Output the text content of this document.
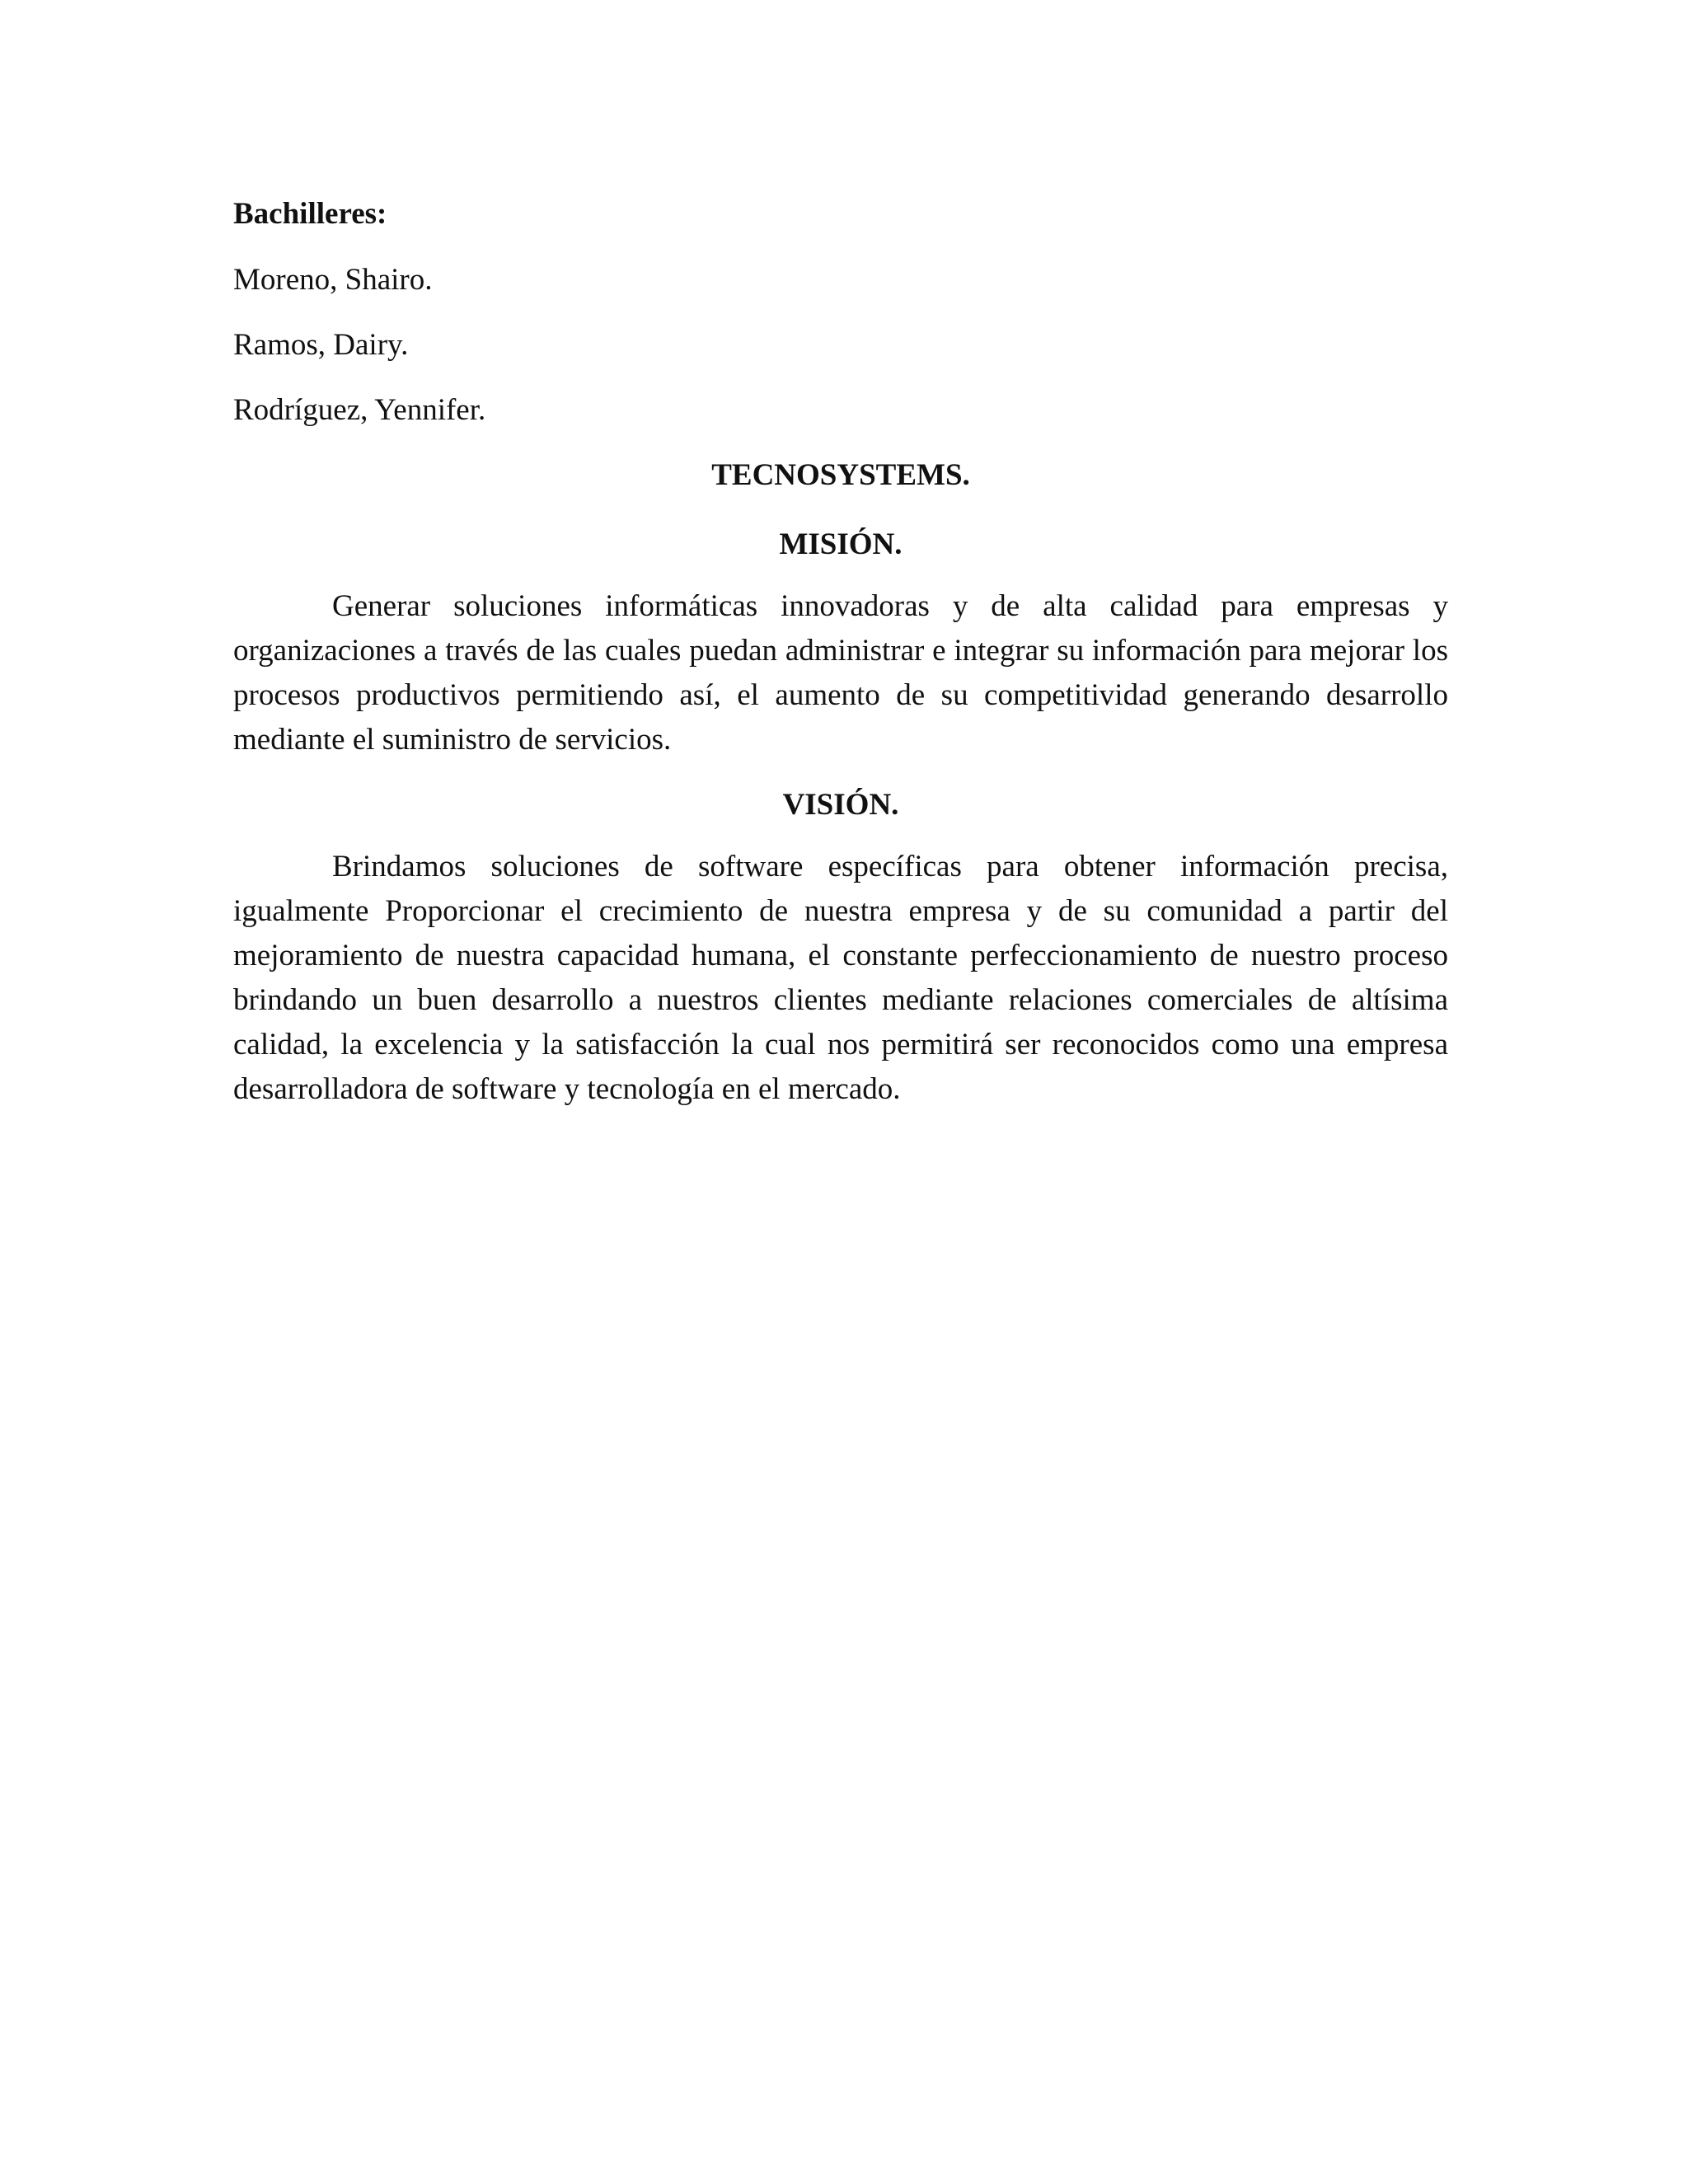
Bachilleres:

Moreno, Shairo.

Ramos, Dairy.

Rodríguez, Yennifer.

TECNOSYSTEMS.

MISIÓN.

Generar soluciones informáticas innovadoras y de alta calidad para empresas y organizaciones a través de las cuales puedan administrar e integrar su información para mejorar los procesos productivos permitiendo así, el aumento de su competitividad generando desarrollo mediante el suministro de servicios.

VISIÓN.

Brindamos soluciones de software específicas para obtener información precisa, igualmente Proporcionar el crecimiento de nuestra empresa y de su comunidad a partir del mejoramiento de nuestra capacidad humana, el constante perfeccionamiento de nuestro proceso brindando un buen desarrollo a nuestros clientes mediante relaciones comerciales de altísima calidad, la excelencia y la satisfacción la cual nos permitirá ser reconocidos como una empresa desarrolladora de software y tecnología en el mercado.
